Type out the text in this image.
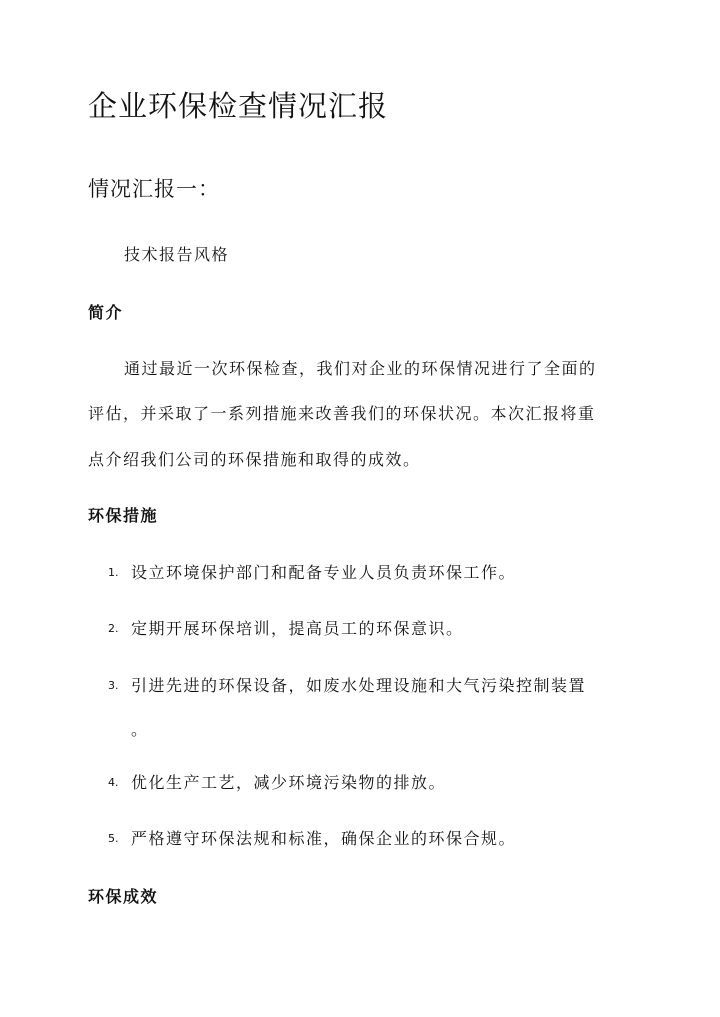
企业环保检查情况汇报
情况汇报一：

技术报告风格

简介

通过最近一次环保检查，我们对企业的环保情况进行了全面的

评估，并采取了一系列措施来改善我们的环保状况。本次汇报将重

点介绍我们公司的环保措施和取得的成效。

环保措施
1. 设立环境保护部门和配备专业人员负责环保工作。
2. 定期开展环保培训，提高员工的环保意识。
3. 引进先进的环保设备，如废水处理设施和大气污染控制装置
。
4. 优化生产工艺，减少环境污染物的排放。
5. 严格遵守环保法规和标准，确保企业的环保合规。
环保成效
